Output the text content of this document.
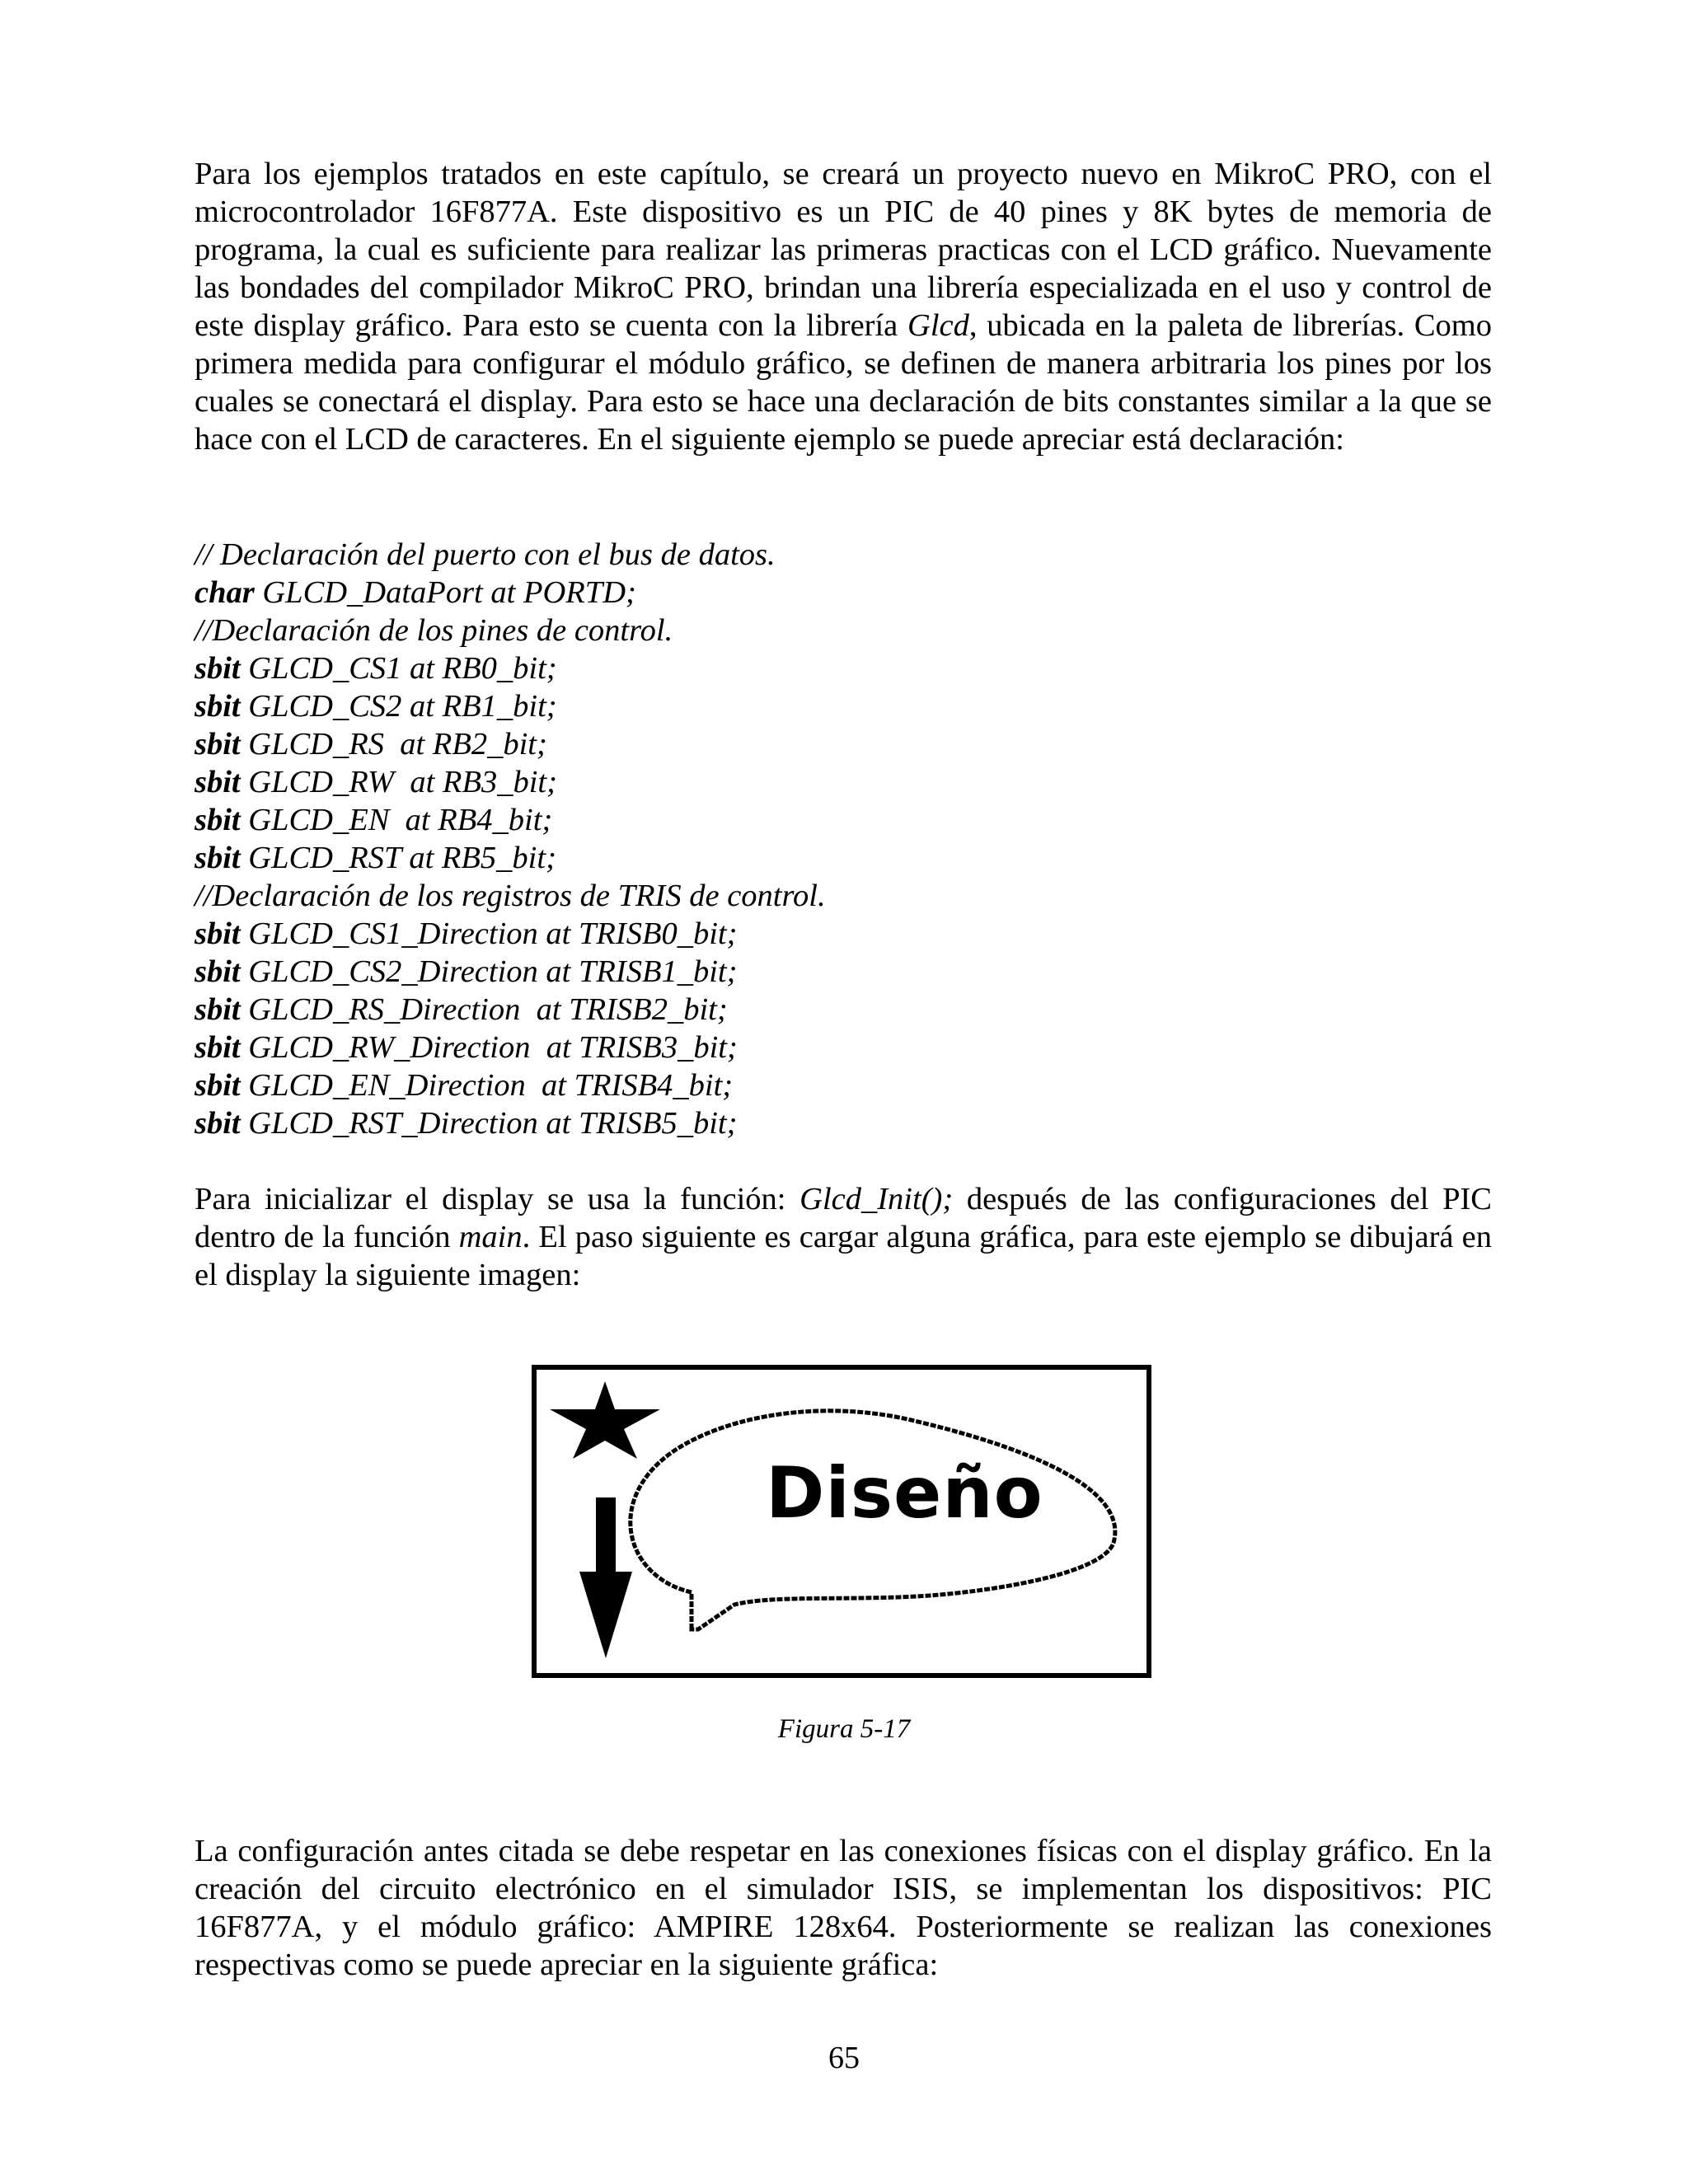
Para los ejemplos tratados en este capítulo, se creará un proyecto nuevo en MikroC PRO, con el microcontrolador 16F877A. Este dispositivo es un PIC de 40 pines y 8K bytes de memoria de programa, la cual es suficiente para realizar las primeras practicas con el LCD gráfico. Nuevamente las bondades del compilador MikroC PRO, brindan una librería especializada en el uso y control de este display gráfico. Para esto se cuenta con la librería Glcd, ubicada en la paleta de librerías. Como primera medida para configurar el módulo gráfico, se definen de manera arbitraria los pines por los cuales se conectará el display. Para esto se hace una declaración de bits constantes similar a la que se hace con el LCD de caracteres. En el siguiente ejemplo se puede apreciar está declaración:

// Declaración del puerto con el bus de datos.
char GLCD_DataPort at PORTD;
//Declaración de los pines de control.
sbit GLCD_CS1 at RB0_bit;
sbit GLCD_CS2 at RB1_bit;
sbit GLCD_RS  at RB2_bit;
sbit GLCD_RW  at RB3_bit;
sbit GLCD_EN  at RB4_bit;
sbit GLCD_RST at RB5_bit;
//Declaración de los registros de TRIS de control.
sbit GLCD_CS1_Direction at TRISB0_bit;
sbit GLCD_CS2_Direction at TRISB1_bit;
sbit GLCD_RS_Direction  at TRISB2_bit;
sbit GLCD_RW_Direction  at TRISB3_bit;
sbit GLCD_EN_Direction  at TRISB4_bit;
sbit GLCD_RST_Direction at TRISB5_bit;

Para inicializar el display se usa la función: Glcd_Init(); después de las configuraciones del PIC dentro de la función main. El paso siguiente es cargar alguna gráfica, para este ejemplo se dibujará en el display la siguiente imagen:

Diseño
Figura 5-17

La configuración antes citada se debe respetar en las conexiones físicas con el display gráfico. En la creación del circuito electrónico en el simulador ISIS, se implementan los dispositivos: PIC 16F877A, y el módulo gráfico: AMPIRE 128x64. Posteriormente se realizan las conexiones respectivas como se puede apreciar en la siguiente gráfica:

65
